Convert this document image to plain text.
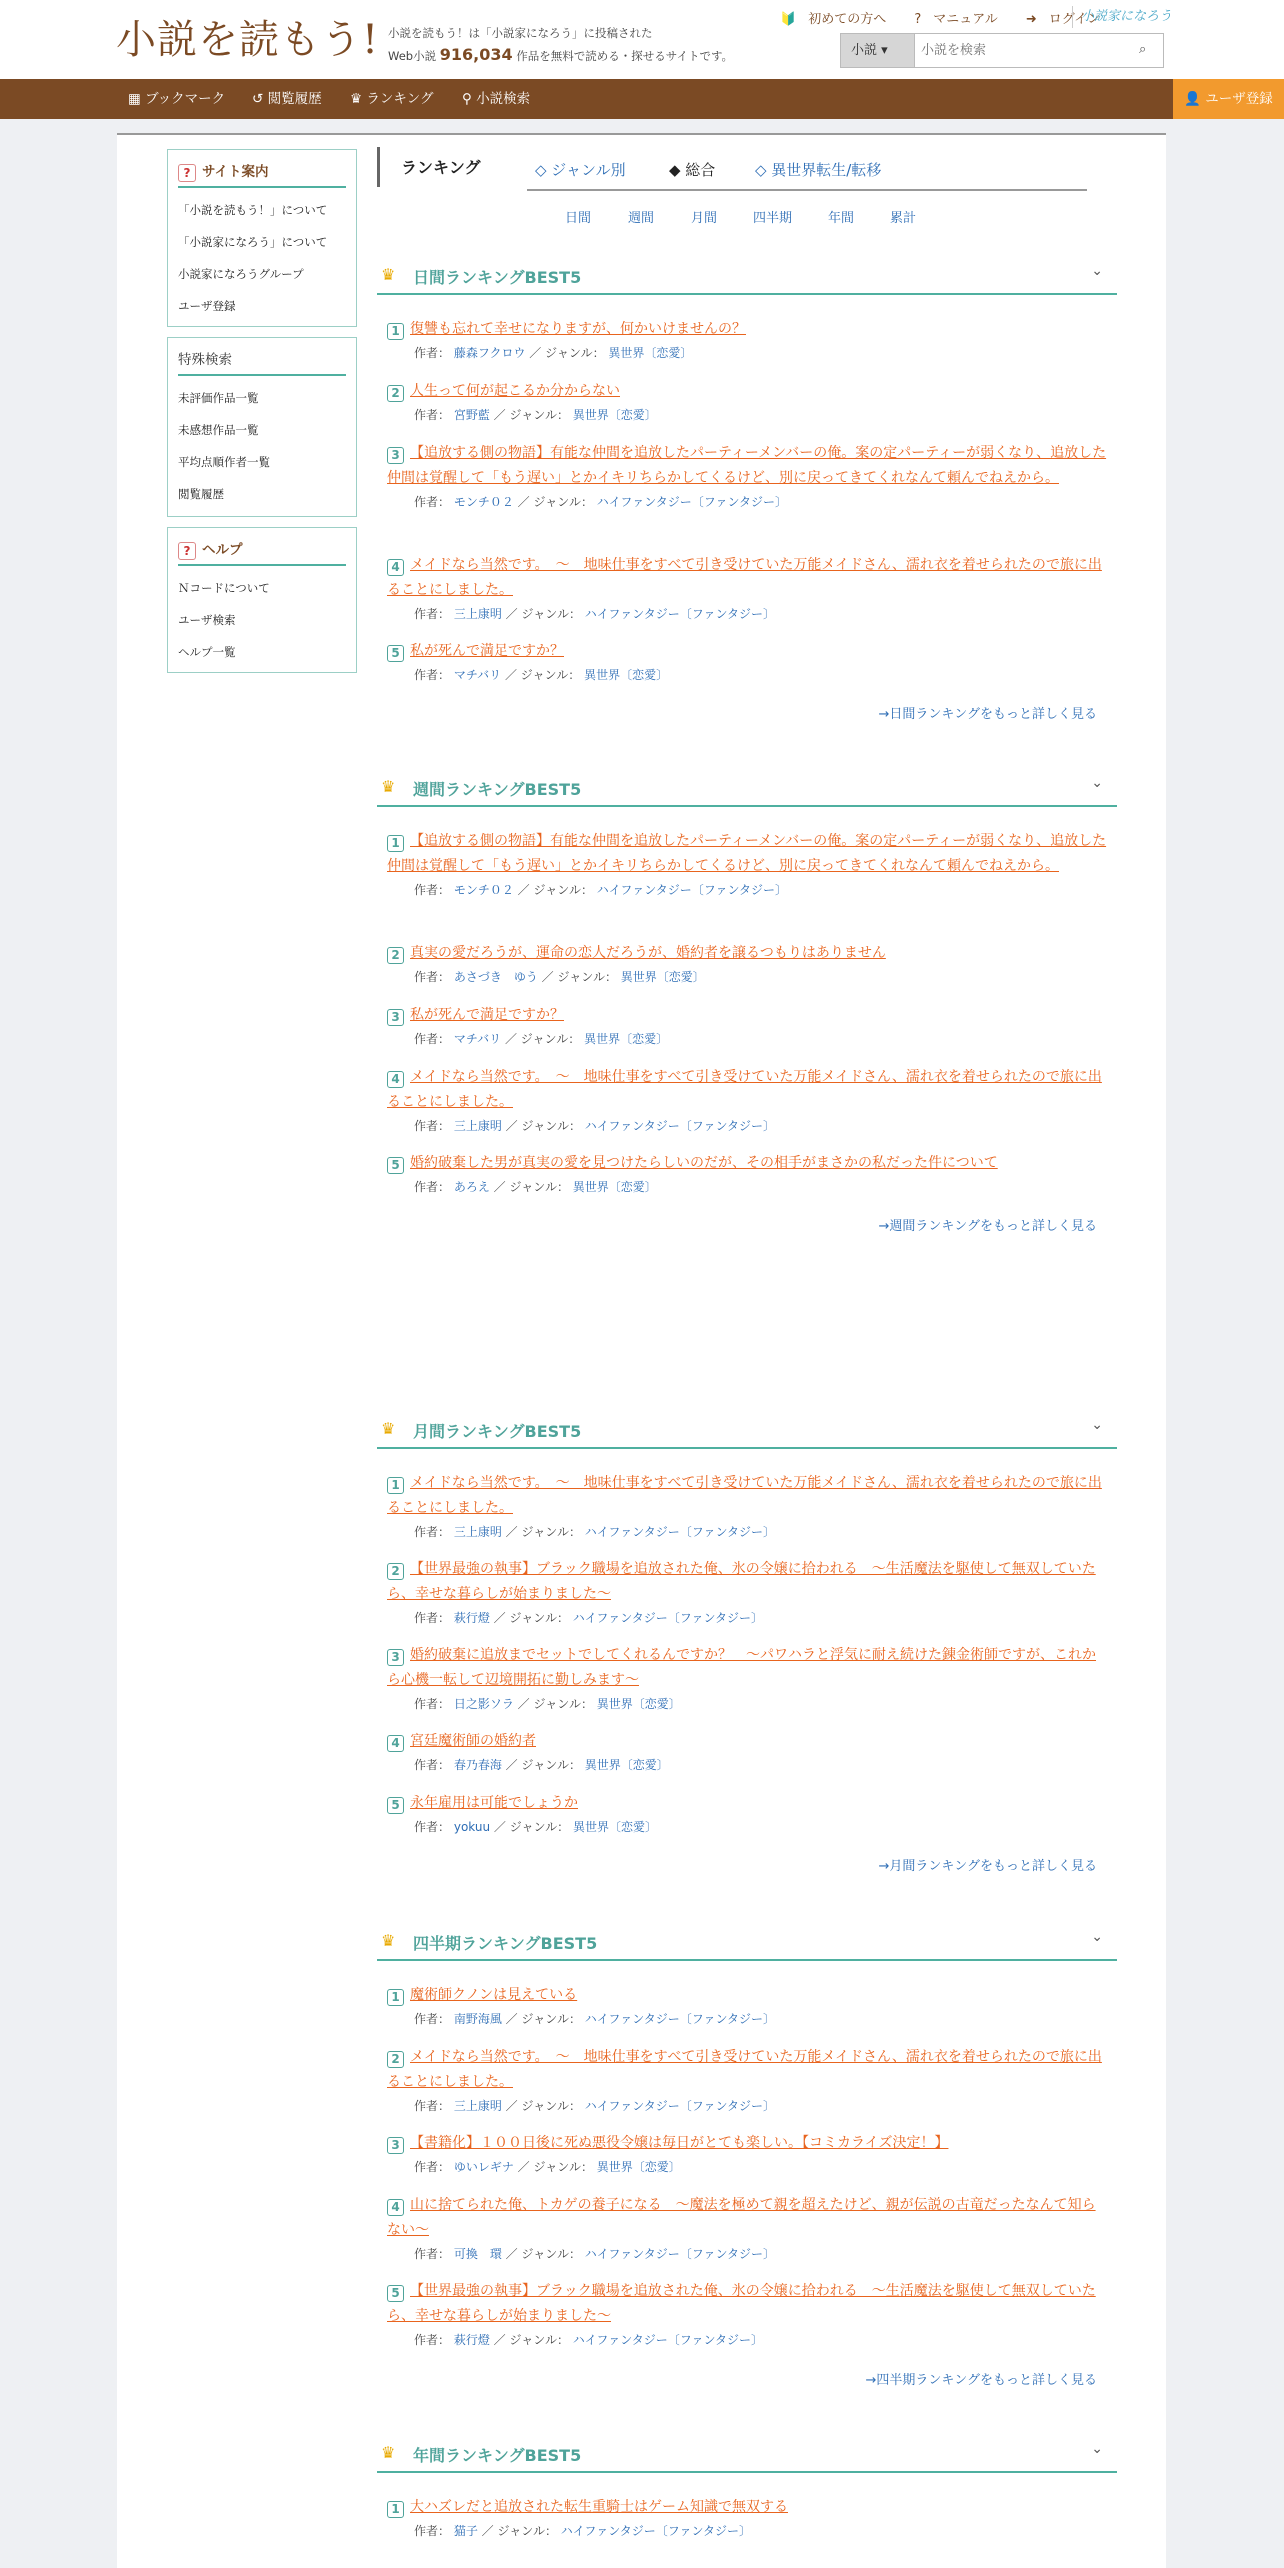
小説を読もう! 小説を読もう！は「小説家になろう」に投稿された
Web小説 916,034 作品を無料で読める・探せるサイトです。
🔰 初めての方へ ? マニュアル ➜ ログイン
小説家になろう
小説 ▾
小説を検索	⌕
▦ ブックマーク ↺ 閲覧履歴 ♛ ランキング ⚲ 小説検索	👤 ユーザ登録
? サイト案内
「小説を読もう！」について
「小説家になろう」について
小説家になろうグループ
ユーザ登録
特殊検索
未評価作品一覧
未感想作品一覧
平均点順作者一覧
閲覧履歴
? ヘルプ
Ｎコードについて
ユーザ検索
ヘルプ一覧
ランキング	◇ ジャンル別	◆ 総合	◇ 異世界転生/転移
日間	週間	月間	四半期	年間	累計
♛ 日間ランキングBEST5	⌄
1 復讐も忘れて幸せになりますが、何かいけませんの？
作者： 藤森フクロウ ／ ジャンル： 異世界〔恋愛〕
2 人生って何が起こるか分からない
作者： 宮野藍 ／ ジャンル： 異世界〔恋愛〕
3 【追放する側の物語】有能な仲間を追放したパーティーメンバーの俺。案の定パーティーが弱くなり、追放した仲間は覚醒して「もう遅い」とかイキリちらかしてくるけど、別に戻ってきてくれなんて頼んでねえから。
作者： モンチ０２ ／ ジャンル： ハイファンタジー〔ファンタジー〕
4 メイドなら当然です。　～　地味仕事をすべて引き受けていた万能メイドさん、濡れ衣を着せられたので旅に出ることにしました。
作者： 三上康明 ／ ジャンル： ハイファンタジー〔ファンタジー〕
5 私が死んで満足ですか？
作者： マチバリ ／ ジャンル： 異世界〔恋愛〕
→日間ランキングをもっと詳しく見る
♛ 週間ランキングBEST5	⌄
1 【追放する側の物語】有能な仲間を追放したパーティーメンバーの俺。案の定パーティーが弱くなり、追放した仲間は覚醒して「もう遅い」とかイキリちらかしてくるけど、別に戻ってきてくれなんて頼んでねえから。
作者： モンチ０２ ／ ジャンル： ハイファンタジー〔ファンタジー〕
2 真実の愛だろうが、運命の恋人だろうが、婚約者を譲るつもりはありません
作者： あさづき　ゆう ／ ジャンル： 異世界〔恋愛〕
3 私が死んで満足ですか？
作者： マチバリ ／ ジャンル： 異世界〔恋愛〕
4 メイドなら当然です。　～　地味仕事をすべて引き受けていた万能メイドさん、濡れ衣を着せられたので旅に出ることにしました。
作者： 三上康明 ／ ジャンル： ハイファンタジー〔ファンタジー〕
5 婚約破棄した男が真実の愛を見つけたらしいのだが、その相手がまさかの私だった件について
作者： あろえ ／ ジャンル： 異世界〔恋愛〕
→週間ランキングをもっと詳しく見る
♛ 月間ランキングBEST5	⌄
1 メイドなら当然です。　～　地味仕事をすべて引き受けていた万能メイドさん、濡れ衣を着せられたので旅に出ることにしました。
作者： 三上康明 ／ ジャンル： ハイファンタジー〔ファンタジー〕
2 【世界最強の執事】ブラック職場を追放された俺、氷の令嬢に拾われる　～生活魔法を駆使して無双していたら、幸せな暮らしが始まりました～
作者： 萩行燈 ／ ジャンル： ハイファンタジー〔ファンタジー〕
3 婚約破棄に追放までセットでしてくれるんですか？　～パワハラと浮気に耐え続けた錬金術師ですが、これから心機一転して辺境開拓に勤しみます～
作者： 日之影ソラ ／ ジャンル： 異世界〔恋愛〕
4 宮廷魔術師の婚約者
作者： 春乃春海 ／ ジャンル： 異世界〔恋愛〕
5 永年雇用は可能でしょうか
作者： yokuu ／ ジャンル： 異世界〔恋愛〕
→月間ランキングをもっと詳しく見る
♛ 四半期ランキングBEST5	⌄
1 魔術師クノンは見えている
作者： 南野海風 ／ ジャンル： ハイファンタジー〔ファンタジー〕
2 メイドなら当然です。　～　地味仕事をすべて引き受けていた万能メイドさん、濡れ衣を着せられたので旅に出ることにしました。
作者： 三上康明 ／ ジャンル： ハイファンタジー〔ファンタジー〕
3 【書籍化】１００日後に死ぬ悪役令嬢は毎日がとても楽しい。【コミカライズ決定！】
作者： ゆいレギナ ／ ジャンル： 異世界〔恋愛〕
4 山に捨てられた俺、トカゲの養子になる　〜魔法を極めて親を超えたけど、親が伝説の古竜だったなんて知らない〜
作者： 可換　環 ／ ジャンル： ハイファンタジー〔ファンタジー〕
5 【世界最強の執事】ブラック職場を追放された俺、氷の令嬢に拾われる　～生活魔法を駆使して無双していたら、幸せな暮らしが始まりました～
作者： 萩行燈 ／ ジャンル： ハイファンタジー〔ファンタジー〕
→四半期ランキングをもっと詳しく見る
♛ 年間ランキングBEST5	⌄
1 大ハズレだと追放された転生重騎士はゲーム知識で無双する
作者： 猫子 ／ ジャンル： ハイファンタジー〔ファンタジー〕
